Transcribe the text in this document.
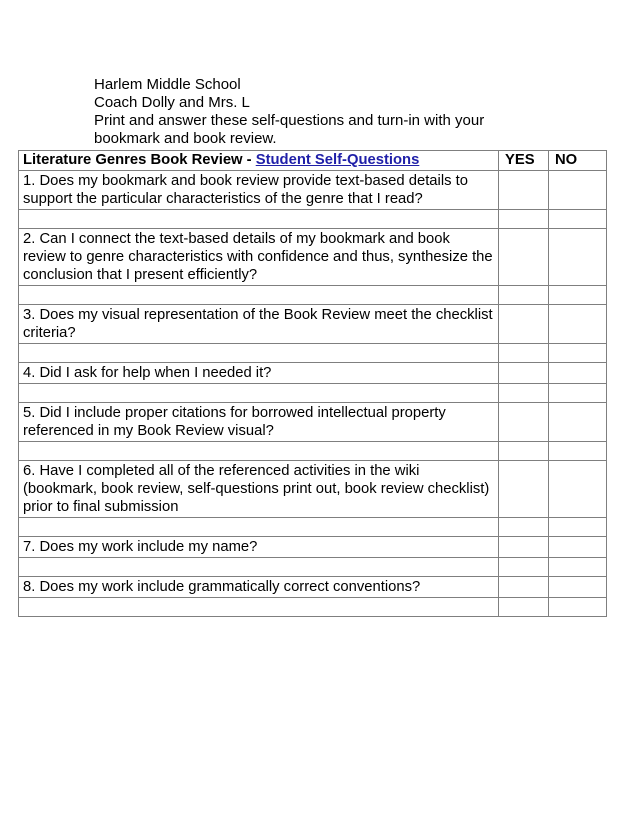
Harlem Middle School
Coach Dolly and Mrs. L
Print and answer these self-questions and turn-in with your
bookmark and book review.
Literature Genres Book Review - Student Self-Questions	YES	NO
1. Does my bookmark and book review provide text-based details to support the particular characteristics of the genre that I read?		

2. Can I connect the text-based details of my bookmark and book review to genre characteristics with confidence and thus, synthesize the conclusion that I present efficiently?		

3. Does my visual representation of the Book Review meet the checklist criteria?		

4. Did I ask for help when I needed it?		

5. Did I include proper citations for borrowed intellectual property referenced in my Book Review visual?		

6. Have I completed all of the referenced activities in the wiki (bookmark, book review, self-questions print out, book review checklist) prior to final submission		

7. Does my work include my name?		

8. Does my work include grammatically correct conventions?		
